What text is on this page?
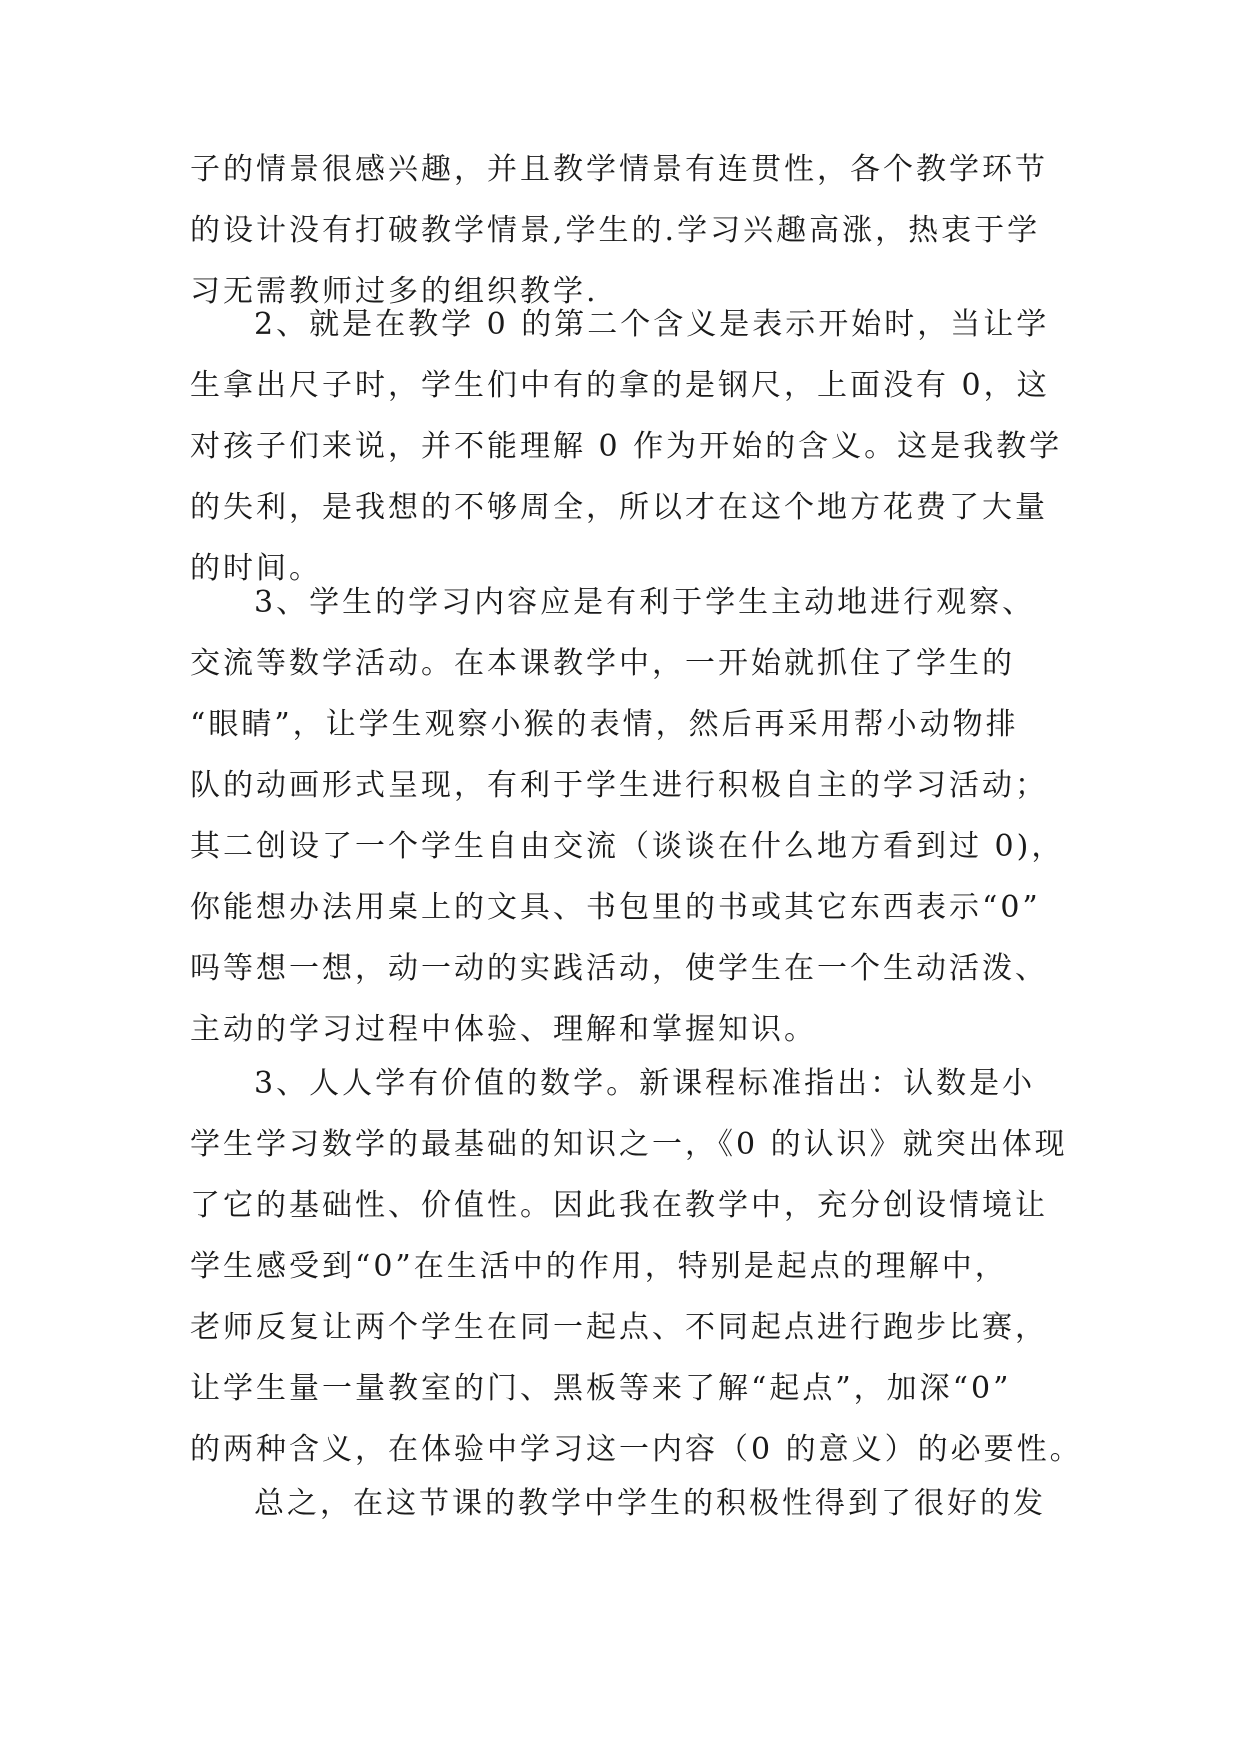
子的情景很感兴趣，并且教学情景有连贯性，各个教学环节
的设计没有打破教学情景,学生的.学习兴趣高涨，热衷于学
习无需教师过多的组织教学.
2、就是在教学 0 的第二个含义是表示开始时，当让学
生拿出尺子时，学生们中有的拿的是钢尺，上面没有 0，这
对孩子们来说，并不能理解 0 作为开始的含义。这是我教学
的失利，是我想的不够周全，所以才在这个地方花费了大量
的时间。
3、学生的学习内容应是有利于学生主动地进行观察、
交流等数学活动。在本课教学中，一开始就抓住了学生的
“眼睛”，让学生观察小猴的表情，然后再采用帮小动物排
队的动画形式呈现，有利于学生进行积极自主的学习活动；
其二创设了一个学生自由交流（谈谈在什么地方看到过 0)，
你能想办法用桌上的文具、书包里的书或其它东西表示“0”
吗等想一想，动一动的实践活动，使学生在一个生动活泼、
主动的学习过程中体验、理解和掌握知识。
3、人人学有价值的数学。新课程标准指出：认数是小
学生学习数学的最基础的知识之一，《0 的认识》就突出体现
了它的基础性、价值性。因此我在教学中，充分创设情境让
学生感受到“0”在生活中的作用，特别是起点的理解中，
老师反复让两个学生在同一起点、不同起点进行跑步比赛，
让学生量一量教室的门、黑板等来了解“起点”，加深“0”
的两种含义，在体验中学习这一内容（0 的意义）的必要性。
总之，在这节课的教学中学生的积极性得到了很好的发
